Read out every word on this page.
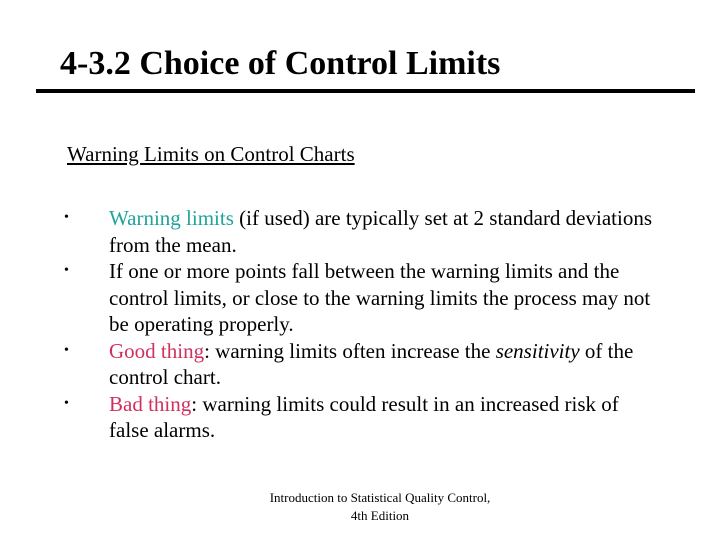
4-3.2 Choice of Control Limits
Warning Limits on Control Charts
• Warning limits (if used) are typically set at 2 standard deviations from the mean.
• If one or more points fall between the warning limits and the control limits, or close to the warning limits the process may not be operating properly.
• Good thing: warning limits often increase the sensitivity of the control chart.
• Bad thing: warning limits could result in an increased risk of false alarms.
Introduction to Statistical Quality Control,
4th Edition
